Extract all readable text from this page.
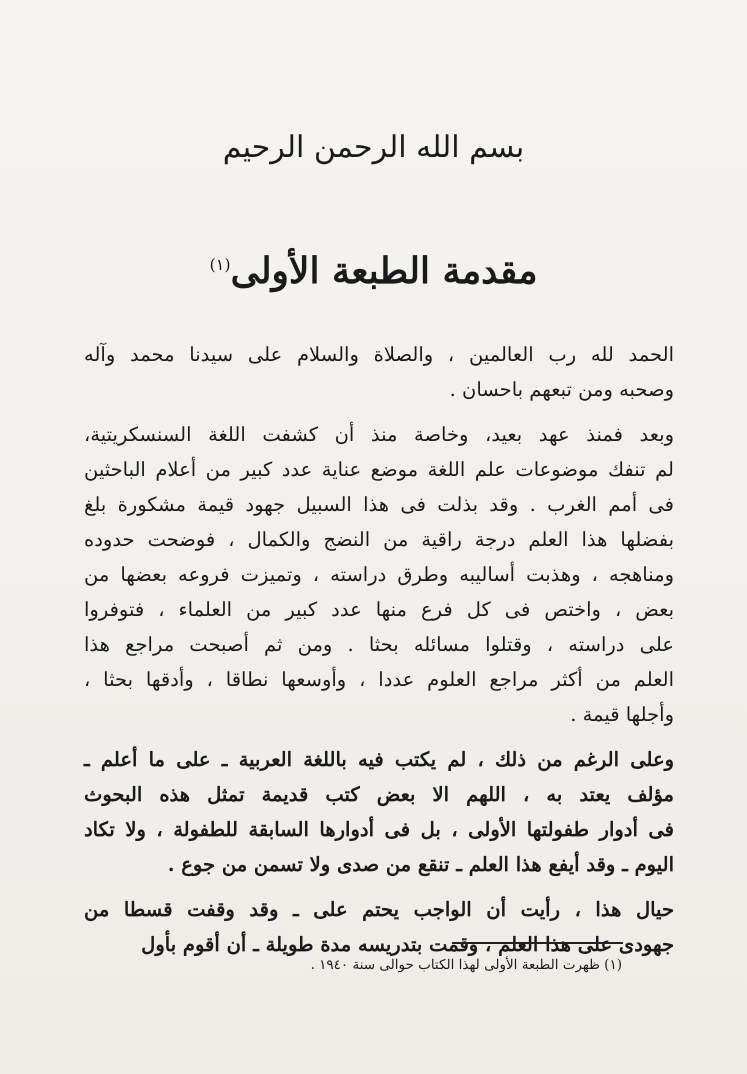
بسم الله الرحمن الرحيم
مقدمة الطبعة الأولى$^{(١)}$

الحمد لله رب العالمين ، والصلاة والسلام على سيدنا محمد وآله
وصحبه ومن تبعهم باحسان .

وبعد فمنذ عهد بعيد، وخاصة منذ أن كشفت اللغة السنسكريتية،
لم تنفك موضوعات علم اللغة موضع عناية عدد كبير من أعلام الباحثين
فى أمم الغرب . وقد بذلت فى هذا السبيل جهود قيمة مشكورة بلغ
بفضلها هذا العلم درجة راقية من النضج والكمال ، فوضحت حدوده
ومناهجه ، وهذبت أساليبه وطرق دراسته ، وتميزت فروعه بعضها من
بعض ، واختص فى كل فرع منها عدد كبير من العلماء ، فتوفروا
على دراسته ، وقتلوا مسائله بحثا . ومن ثم أصبحت مراجع هذا
العلم من أكثر مراجع العلوم عددا ، وأوسعها نطاقا ، وأدقها بحثا ،
وأجلها قيمة .

وعلى الرغم من ذلك ، لم يكتب فيه باللغة العربية ـ على ما أعلم ـ
مؤلف يعتد به ، اللهم الا بعض كتب قديمة تمثل هذه البحوث
فى أدوار طفولتها الأولى ، بل فى أدوارها السابقة للطفولة ، ولا تكاد
اليوم ـ وقد أيفع هذا العلم ـ تنقع من صدى ولا تسمن من جوع .

حيال هذا ، رأيت أن الواجب يحتم على ـ وقد وقفت قسطا من
جهودى على هذا العلم ، وقمت بتدريسه مدة طويلة ـ أن أقوم بأول

(١) ظهرت الطبعة الأولى لهذا الكتاب حوالى سنة ١٩٤٠ .
